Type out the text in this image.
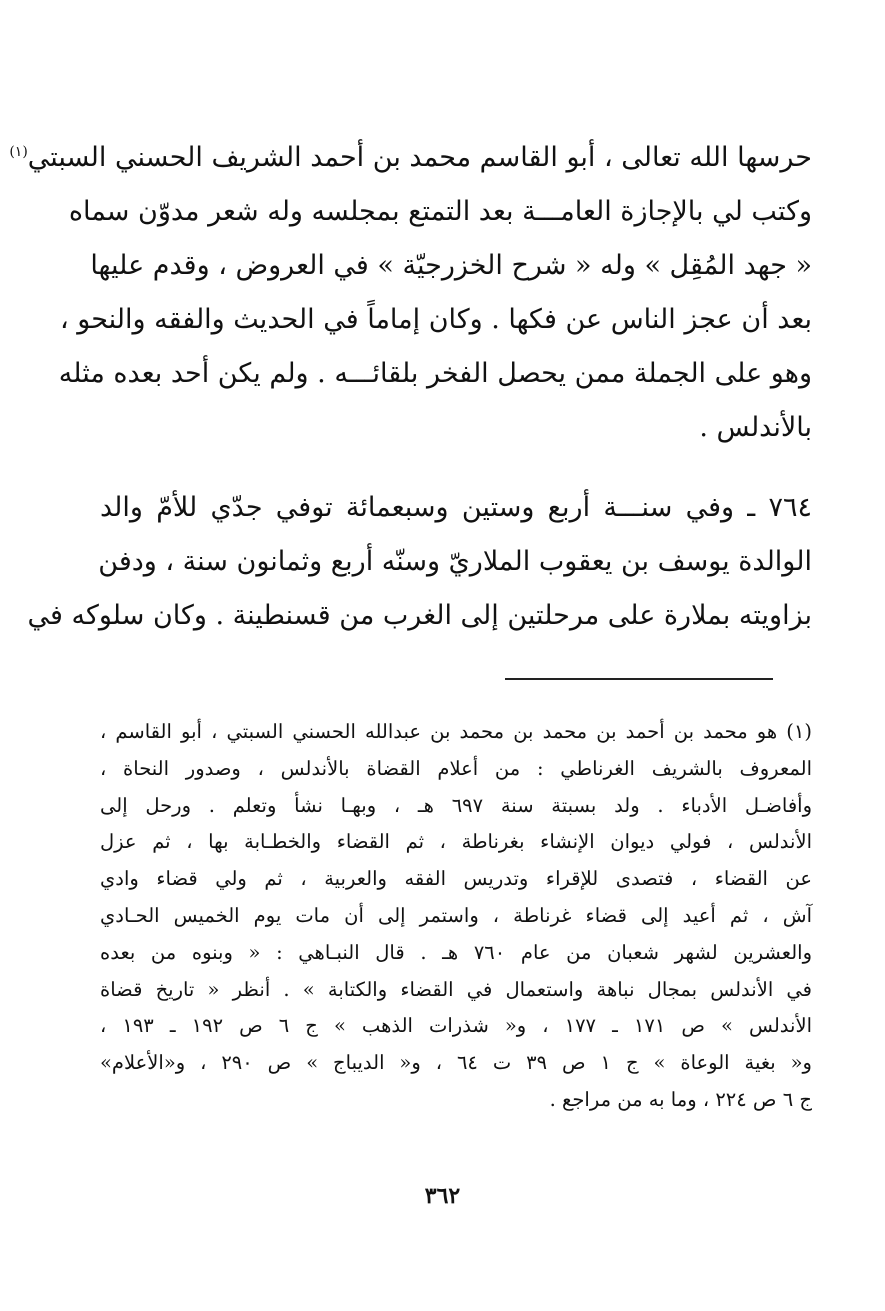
حرسها الله تعالى ، أبو القاسم محمد بن أحمد الشريف الحسني السبتي$^{(١)}$
وكتب لي بالإجازة العامـــة بعد التمتع بمجلسه وله شعر مدوّن سماه
« جهد المُقِل » وله « شرح الخزرجيّة » في العروض ، وقدم عليها
بعد أن عجز الناس عن فكها . وكان إماماً في الحديث والفقه والنحو ،
وهو على الجملة ممن يحصل الفخر بلقائـــه . ولم يكن أحد بعده مثله
بالأندلس .
٧٦٤ ـ وفي سنـــة أربع وستين وسبعمائة توفي جدّي للأمّ والد
الوالدة يوسف بن يعقوب الملاريّ وسنّه أربع وثمانون سنة ، ودفن
بزاويته بملارة على مرحلتين إلى الغرب من قسنطينة . وكان سلوكه في
(١) هو محمد بن أحمد بن محمد بن محمد بن عبدالله الحسني السبتي ، أبو القاسم ،
المعروف بالشريف الغرناطي : من أعلام القضاة بالأندلس ، وصدور النحاة ،
وأفاضـل الأدباء . ولد بسبتة سنة ٦٩٧ هـ ، وبهـا نشأ وتعلم . ورحل إلى
الأندلس ، فولي ديوان الإنشاء بغرناطة ، ثم القضاء والخطـابة بها ، ثم عزل
عن القضاء ، فتصدى للإقراء وتدريس الفقه والعربية ، ثم ولي قضاء وادي
آش ، ثم أعيد إلى قضاء غرناطة ، واستمر إلى أن مات يوم الخميس الحـادي
والعشرين لشهر شعبان من عام ٧٦٠ هـ . قال النبـاهي : « وبنوه من بعده
في الأندلس بمجال نباهة واستعمال في القضاء والكتابة » . أنظر « تاريخ قضاة
الأندلس » ص ١٧١ ـ ١٧٧ ، و« شذرات الذهب » ج ٦ ص ١٩٢ ـ ١٩٣ ،
و« بغية الوعاة » ج ١ ص ٣٩ ت ٦٤ ، و« الديباج » ص ٢٩٠ ، و«الأعلام»
ج ٦ ص ٢٢٤ ، وما به من مراجع .
٣٦٢
